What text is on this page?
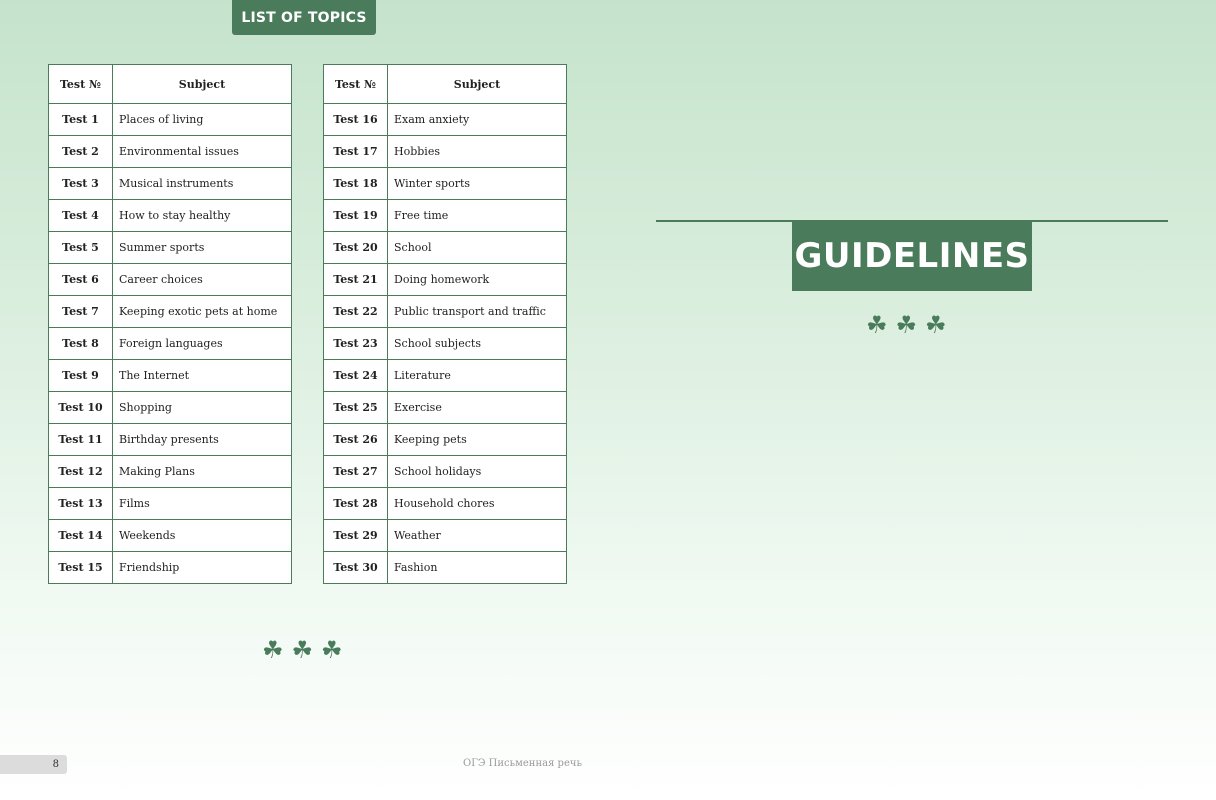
LIST OF TOPICS
Test №	Subject
Test 1	Places of living
Test 2	Environmental issues
Test 3	Musical instruments
Test 4	How to stay healthy
Test 5	Summer sports
Test 6	Career choices
Test 7	Keeping exotic pets at home
Test 8	Foreign languages
Test 9	The Internet
Test 10	Shopping
Test 11	Birthday presents
Test 12	Making Plans
Test 13	Films
Test 14	Weekends
Test 15	Friendship
Test №	Subject
Test 16	Exam anxiety
Test 17	Hobbies
Test 18	Winter sports
Test 19	Free time
Test 20	School
Test 21	Doing homework
Test 22	Public transport and traffic
Test 23	School subjects
Test 24	Literature
Test 25	Exercise
Test 26	Keeping pets
Test 27	School holidays
Test 28	Household chores
Test 29	Weather
Test 30	Fashion
☘ ☘ ☘
GUIDELINES
☘ ☘ ☘
8	ОГЭ Письменная речь
